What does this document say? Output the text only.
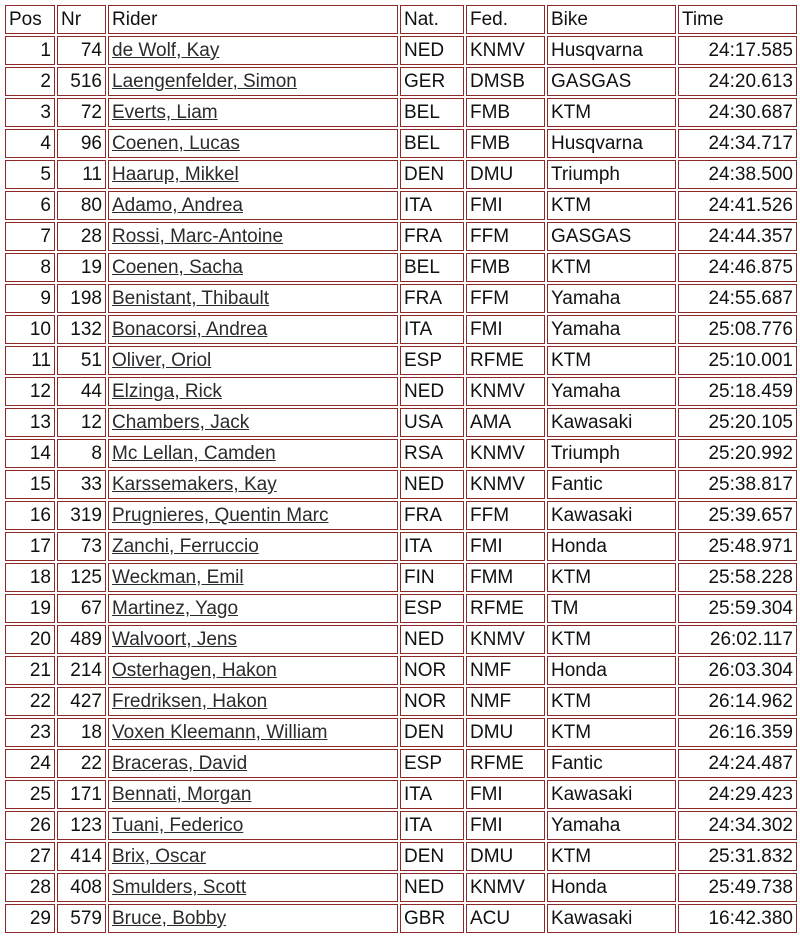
Pos	Nr	Rider	Nat.	Fed.	Bike	Time
1	74	de Wolf, Kay	NED	KNMV	Husqvarna	24:17.585
2	516	Laengenfelder, Simon	GER	DMSB	GASGAS	24:20.613
3	72	Everts, Liam	BEL	FMB	KTM	24:30.687
4	96	Coenen, Lucas	BEL	FMB	Husqvarna	24:34.717
5	11	Haarup, Mikkel	DEN	DMU	Triumph	24:38.500
6	80	Adamo, Andrea	ITA	FMI	KTM	24:41.526
7	28	Rossi, Marc-Antoine	FRA	FFM	GASGAS	24:44.357
8	19	Coenen, Sacha	BEL	FMB	KTM	24:46.875
9	198	Benistant, Thibault	FRA	FFM	Yamaha	24:55.687
10	132	Bonacorsi, Andrea	ITA	FMI	Yamaha	25:08.776
11	51	Oliver, Oriol	ESP	RFME	KTM	25:10.001
12	44	Elzinga, Rick	NED	KNMV	Yamaha	25:18.459
13	12	Chambers, Jack	USA	AMA	Kawasaki	25:20.105
14	8	Mc Lellan, Camden	RSA	KNMV	Triumph	25:20.992
15	33	Karssemakers, Kay	NED	KNMV	Fantic	25:38.817
16	319	Prugnieres, Quentin Marc	FRA	FFM	Kawasaki	25:39.657
17	73	Zanchi, Ferruccio	ITA	FMI	Honda	25:48.971
18	125	Weckman, Emil	FIN	FMM	KTM	25:58.228
19	67	Martinez, Yago	ESP	RFME	TM	25:59.304
20	489	Walvoort, Jens	NED	KNMV	KTM	26:02.117
21	214	Osterhagen, Hakon	NOR	NMF	Honda	26:03.304
22	427	Fredriksen, Hakon	NOR	NMF	KTM	26:14.962
23	18	Voxen Kleemann, William	DEN	DMU	KTM	26:16.359
24	22	Braceras, David	ESP	RFME	Fantic	24:24.487
25	171	Bennati, Morgan	ITA	FMI	Kawasaki	24:29.423
26	123	Tuani, Federico	ITA	FMI	Yamaha	24:34.302
27	414	Brix, Oscar	DEN	DMU	KTM	25:31.832
28	408	Smulders, Scott	NED	KNMV	Honda	25:49.738
29	579	Bruce, Bobby	GBR	ACU	Kawasaki	16:42.380
